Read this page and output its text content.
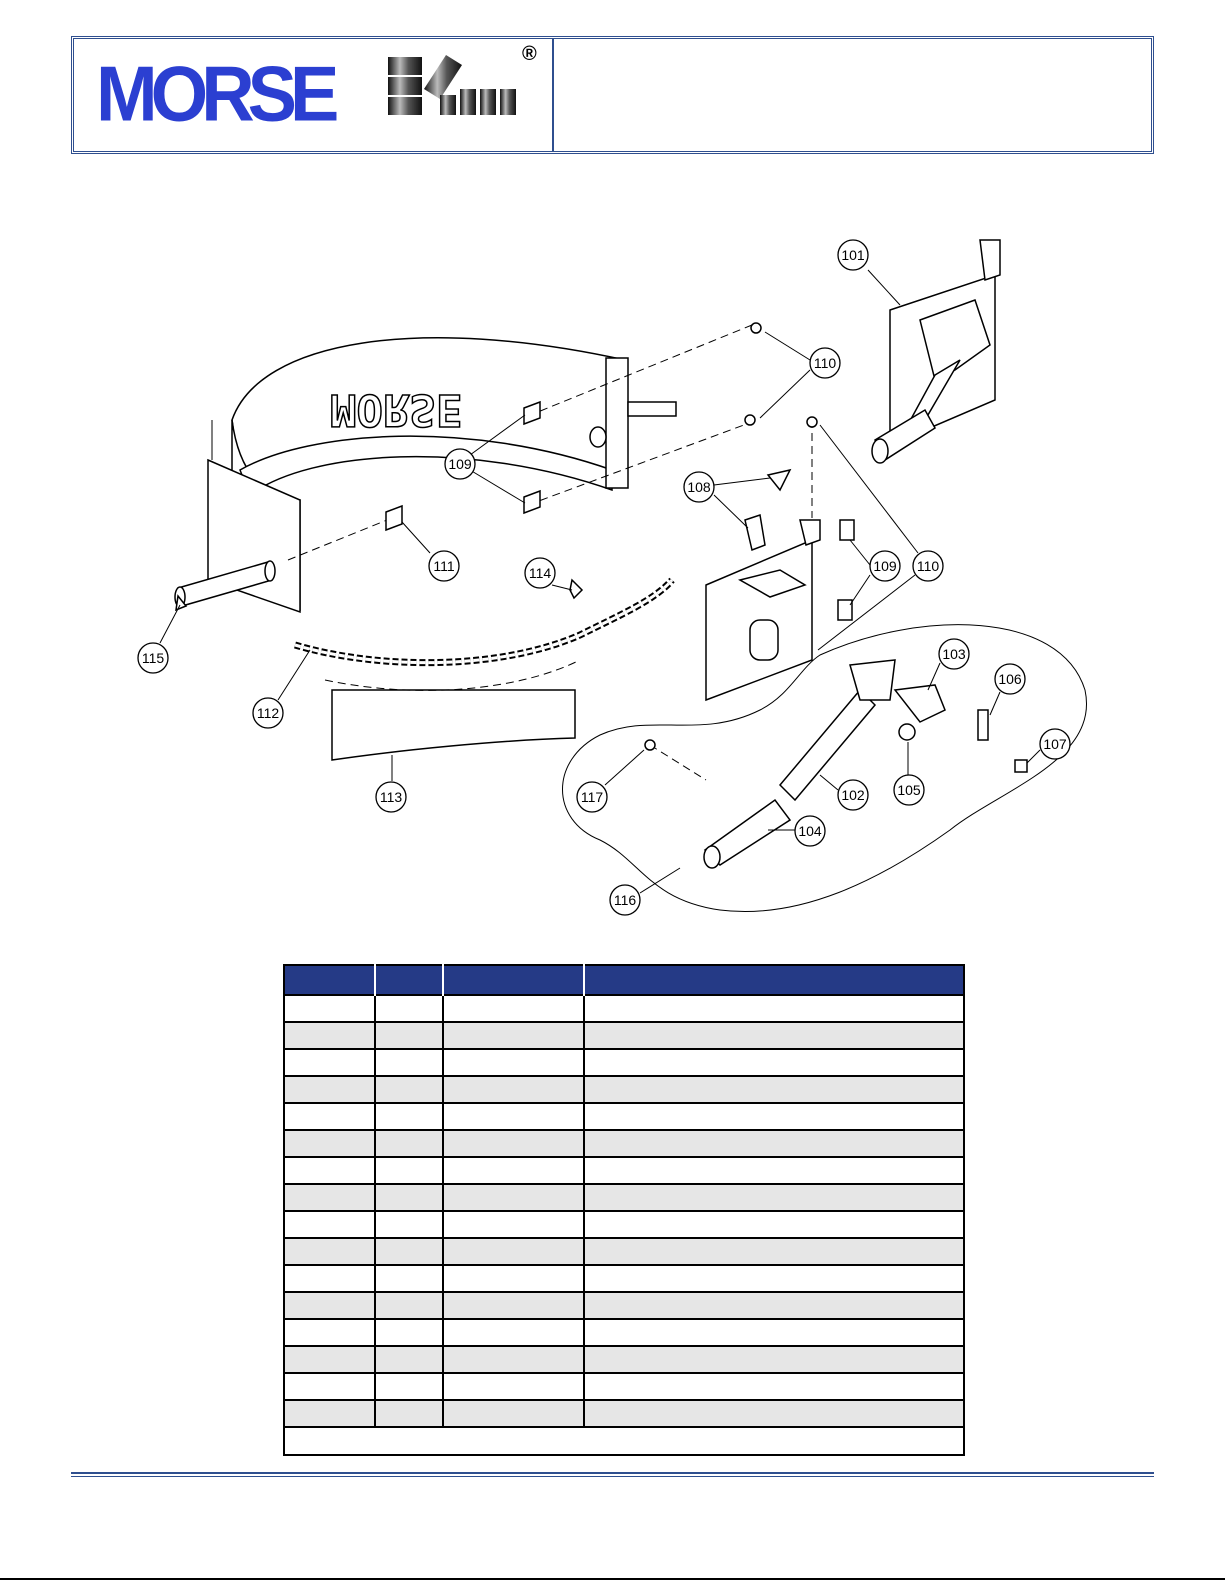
MORSE	®
MORSE
101
102
103
104
105
106
107
108
109
109
110
110
111
112
113
114
115
116
117
